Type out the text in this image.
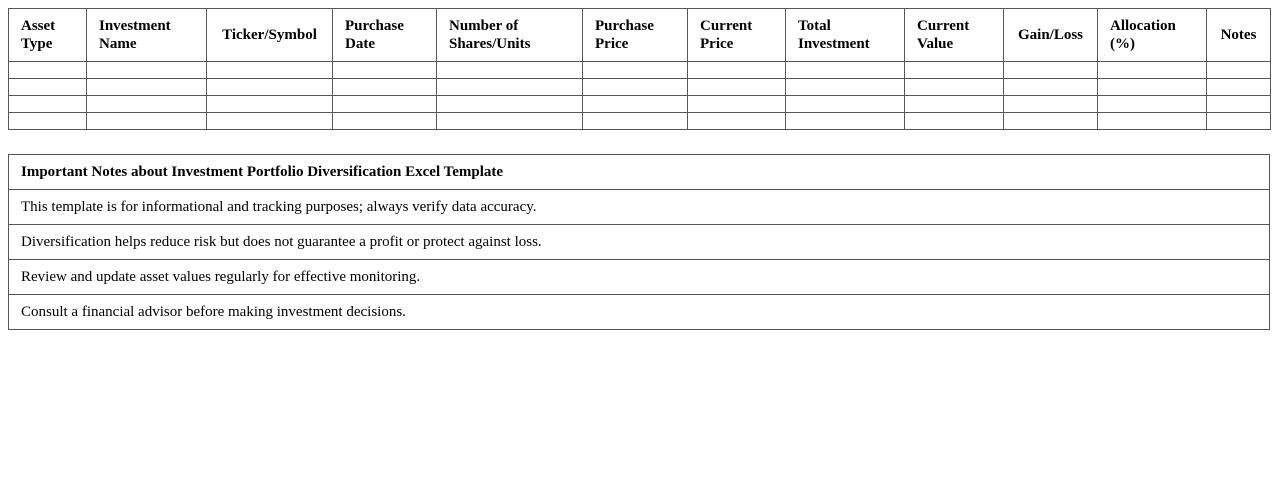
Asset Type	Investment Name	Ticker/Symbol	Purchase Date	Number of Shares/Units	Purchase Price	Current Price	Total Investment	Current Value	Gain/Loss	Allocation (%)	Notes

Important Notes about Investment Portfolio Diversification Excel Template
This template is for informational and tracking purposes; always verify data accuracy.
Diversification helps reduce risk but does not guarantee a profit or protect against loss.
Review and update asset values regularly for effective monitoring.
Consult a financial advisor before making investment decisions.
